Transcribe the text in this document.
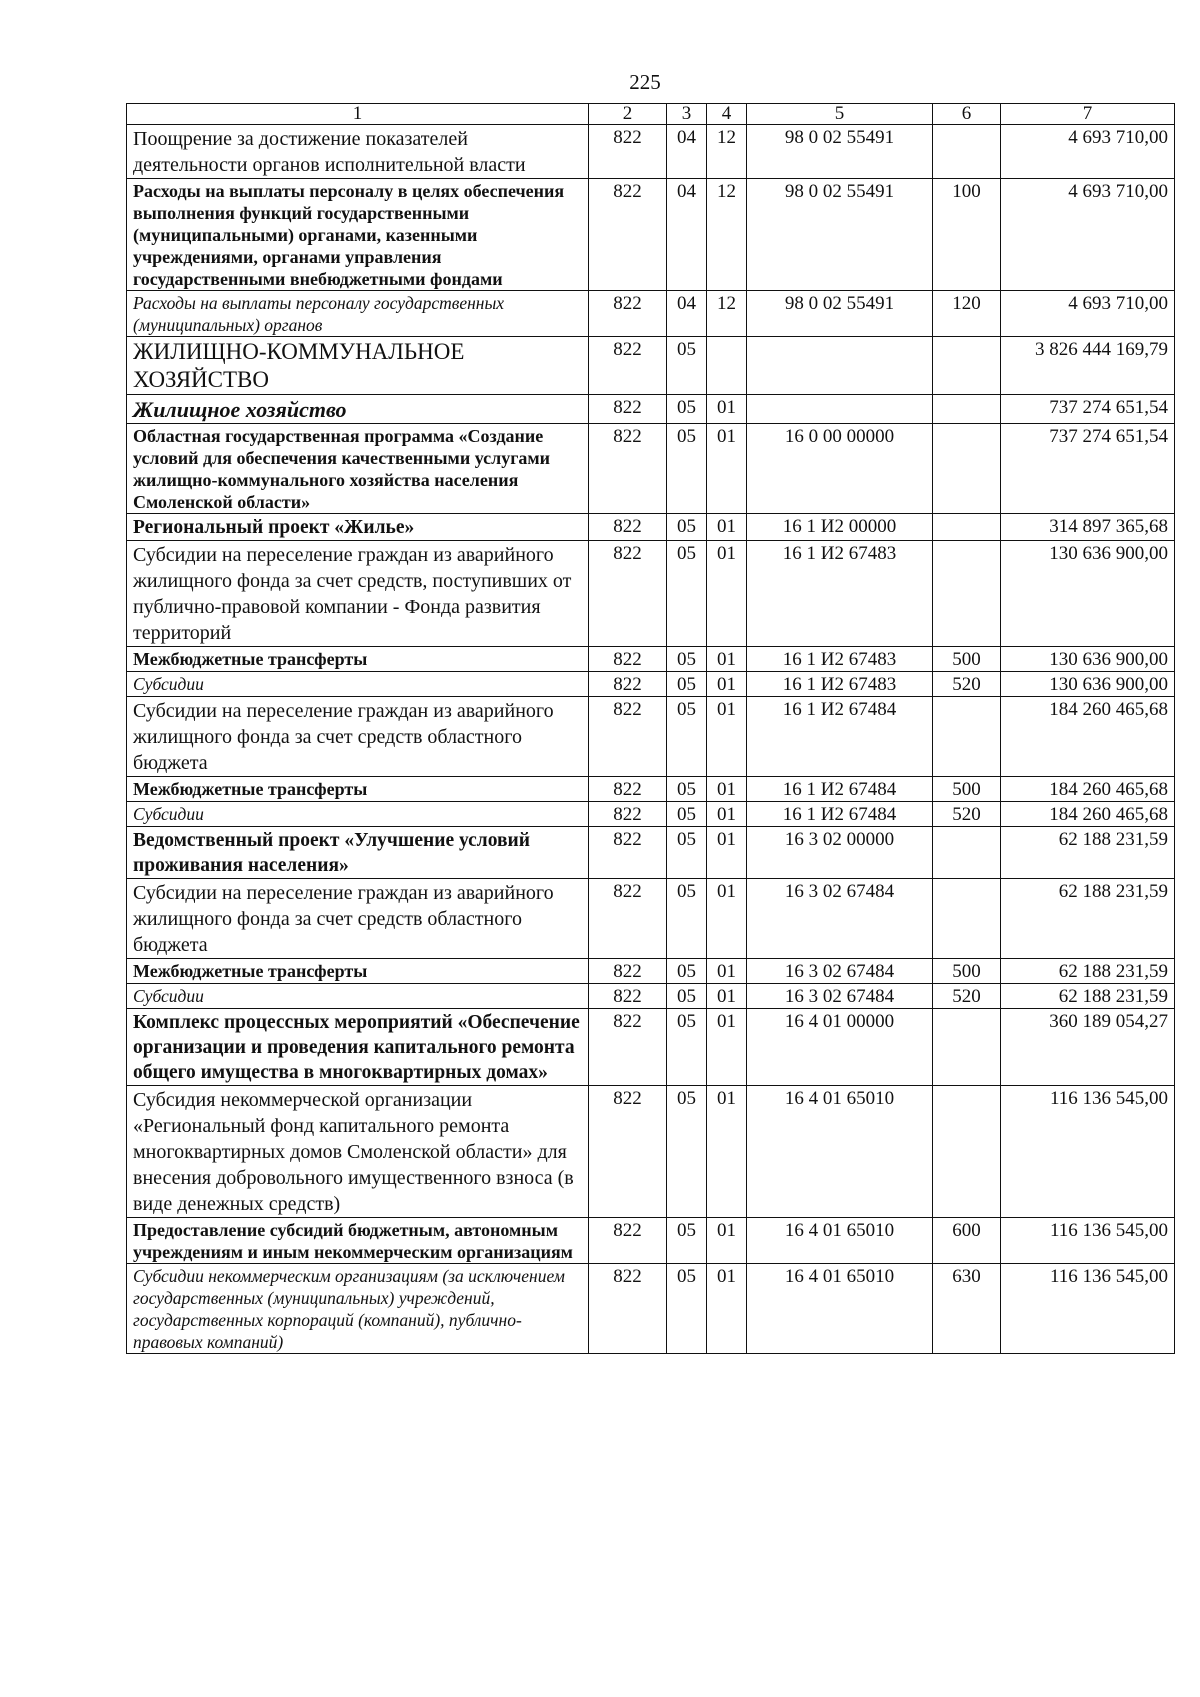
225
1	2	3	4	5	6	7
Поощрение за достижение показателей деятельности органов исполнительной власти	822	04	12	98 0 02 55491		4 693 710,00
Расходы на выплаты персоналу в целях обеспечения выполнения функций государственными (муниципальными) органами, казенными учреждениями, органами управления государственными внебюджетными фондами	822	04	12	98 0 02 55491	100	4 693 710,00
Расходы на выплаты персоналу государственных (муниципальных) органов	822	04	12	98 0 02 55491	120	4 693 710,00
ЖИЛИЩНО-КОММУНАЛЬНОЕ ХОЗЯЙСТВО	822	05				3 826 444 169,79
Жилищное хозяйство	822	05	01			737 274 651,54
Областная государственная программа «Создание условий для обеспечения качественными услугами жилищно-коммунального хозяйства населения Смоленской области»	822	05	01	16 0 00 00000		737 274 651,54
Региональный проект «Жилье»	822	05	01	16 1 И2 00000		314 897 365,68
Субсидии на переселение граждан из аварийного жилищного фонда за счет средств, поступивших от публично-правовой компании - Фонда развития территорий	822	05	01	16 1 И2 67483		130 636 900,00
Межбюджетные трансферты	822	05	01	16 1 И2 67483	500	130 636 900,00
Субсидии	822	05	01	16 1 И2 67483	520	130 636 900,00
Субсидии на переселение граждан из аварийного жилищного фонда за счет средств областного бюджета	822	05	01	16 1 И2 67484		184 260 465,68
Межбюджетные трансферты	822	05	01	16 1 И2 67484	500	184 260 465,68
Субсидии	822	05	01	16 1 И2 67484	520	184 260 465,68
Ведомственный проект «Улучшение условий проживания населения»	822	05	01	16 3 02 00000		62 188 231,59
Субсидии на переселение граждан из аварийного жилищного фонда за счет средств областного бюджета	822	05	01	16 3 02 67484		62 188 231,59
Межбюджетные трансферты	822	05	01	16 3 02 67484	500	62 188 231,59
Субсидии	822	05	01	16 3 02 67484	520	62 188 231,59
Комплекс процессных мероприятий «Обеспечение организации и проведения капитального ремонта общего имущества в многоквартирных домах»	822	05	01	16 4 01 00000		360 189 054,27
Субсидия некоммерческой организации «Региональный фонд капитального ремонта многоквартирных домов Смоленской области» для внесения добровольного имущественного взноса (в виде денежных средств)	822	05	01	16 4 01 65010		116 136 545,00
Предоставление субсидий бюджетным, автономным учреждениям и иным некоммерческим организациям	822	05	01	16 4 01 65010	600	116 136 545,00
Субсидии некоммерческим организациям (за исключением государственных (муниципальных) учреждений, государственных корпораций (компаний), публично-правовых компаний)	822	05	01	16 4 01 65010	630	116 136 545,00
